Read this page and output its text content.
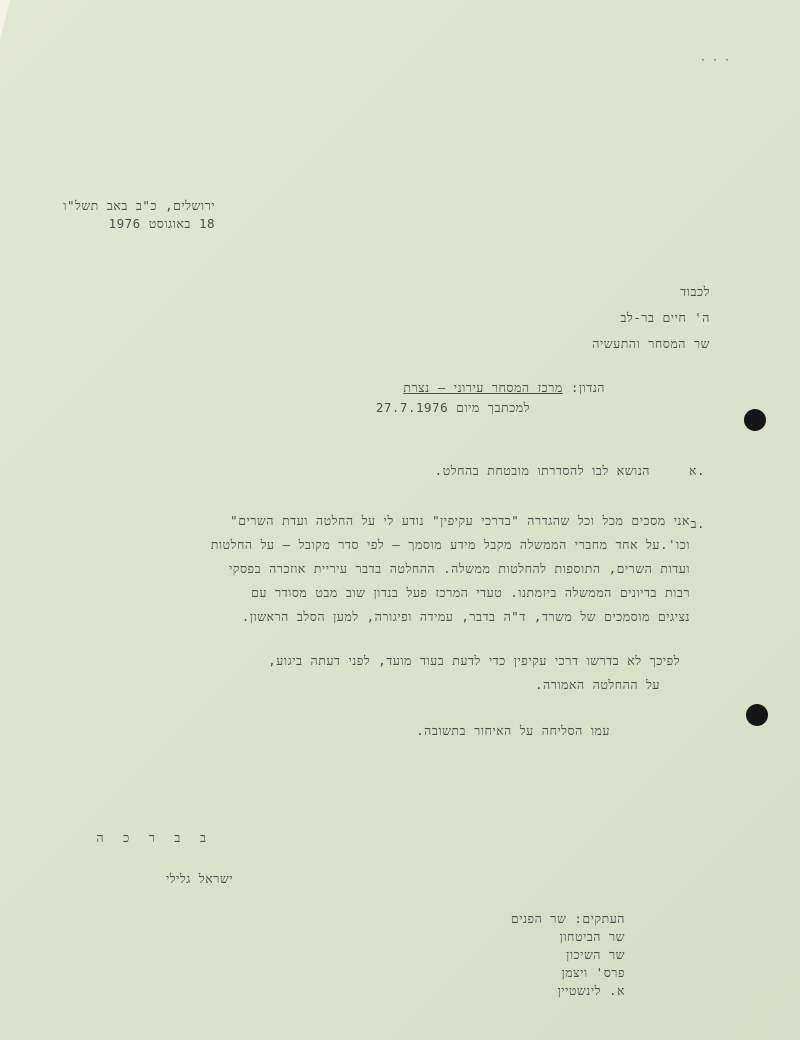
· · ·
ירושלים, כ"ב באב תשל"ו
18 באוגוסט 1976
לכבוד
ה' חיים בר-לב
שר המסחר והתעשיה
הנדון: מרכז המסחר עירוני – נצרת
למכתבך מיום 27.7.1976
א.
הנושא לבו להסדרתו מובטחת בהחלט.
ב.
אני מסכים מכל וכל שהגדרה "בדרכי עקיפין" נודע לי על החלטה ועדת השרים"
וכו'.על אחד מחברי הממשלה מקבל מידע מוסמך – לפי סדר מקובל – על החלטות
ועדות השרים, התוספות להחלטות ממשלה. ההחלטה בדבר עיריית אוזכרה בפסקי
רבות בדיונים הממשלה ביזמתנו. טעדי המרכז פעל בנדון שוב מבט מסודר עם
נציגים מוסמכים של משרד, ד"ה בדבר, עמידה ופיגורה, למען הסלב הראשון.
לפיכך לא בדרשו דרכי עקיפין כדי לדעת בעוד מועד, לפני דעתה ביגוע,
על ההחלטה האמורה.
עמו הסליחה על האיחור בתשובה.
ב ב ר כ ה
ישראל גלילי
העתקים: שר הפנים
שר הביטחון
שר השיכון
פרס' ויצמן
א. לינשטיין
